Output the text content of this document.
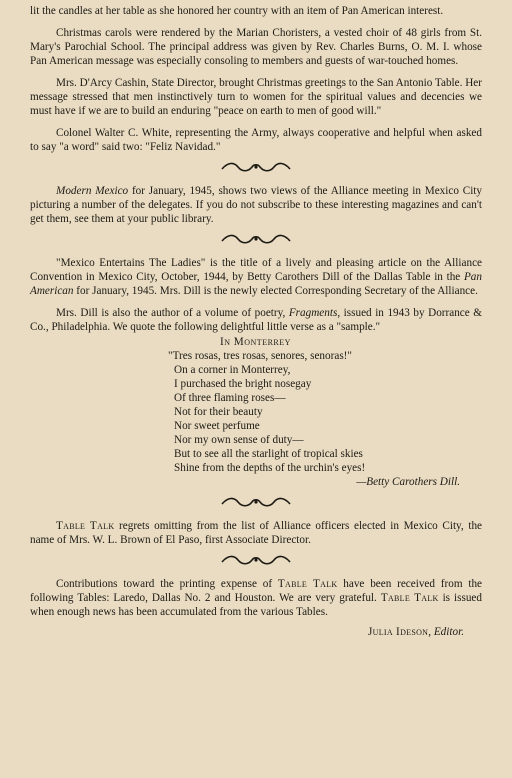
lit the candles at her table as she honored her country with an item of Pan American interest.

Christmas carols were rendered by the Marian Choristers, a vested choir of 48 girls from St. Mary's Parochial School. The principal address was given by Rev. Charles Burns, O. M. I. whose Pan American message was especially consoling to members and guests of war-touched homes.

Mrs. D'Arcy Cashin, State Director, brought Christmas greetings to the San Antonio Table. Her message stressed that men instinctively turn to women for the spiritual values and decencies we must have if we are to build an enduring "peace on earth to men of good will."

Colonel Walter C. White, representing the Army, always cooperative and helpful when asked to say "a word" said two: "Feliz Navidad."

Modern Mexico for January, 1945, shows two views of the Alliance meeting in Mexico City picturing a number of the delegates. If you do not subscribe to these interesting magazines and can't get them, see them at your public library.

"Mexico Entertains The Ladies" is the title of a lively and pleasing article on the Alliance Convention in Mexico City, October, 1944, by Betty Carothers Dill of the Dallas Table in the Pan American for January, 1945. Mrs. Dill is the newly elected Corresponding Secretary of the Alliance.

Mrs. Dill is also the author of a volume of poetry, Fragments, issued in 1943 by Dorrance & Co., Philadelphia. We quote the following delightful little verse as a "sample."

In Monterrey
"Tres rosas, tres rosas, senores, senoras!"
On a corner in Monterrey,
I purchased the bright nosegay
Of three flaming roses—
Not for their beauty
Nor sweet perfume
Nor my own sense of duty—
But to see all the starlight of tropical skies
Shine from the depths of the urchin's eyes!
—Betty Carothers Dill.

Table Talk regrets omitting from the list of Alliance officers elected in Mexico City, the name of Mrs. W. L. Brown of El Paso, first Associate Director.

Contributions toward the printing expense of Table Talk have been received from the following Tables: Laredo, Dallas No. 2 and Houston. We are very grateful. Table Talk is issued when enough news has been accumulated from the various Tables.

Julia Ideson, Editor.
